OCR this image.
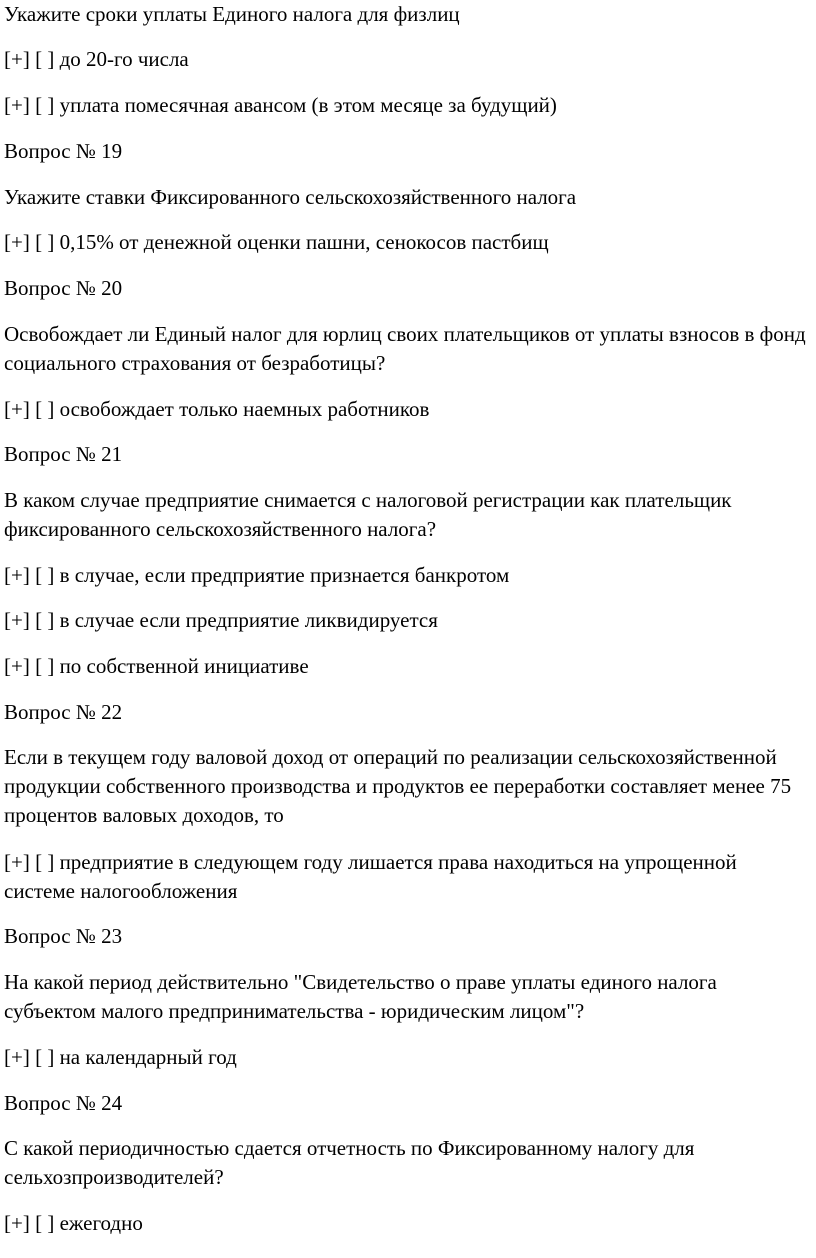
Укажите сроки уплаты Единого налога для физлиц

[+] [ ] до 20-го числа

[+] [ ] уплата помесячная авансом (в этом месяце за будущий)

Вопрос № 19

Укажите ставки Фиксированного сельскохозяйственного налога

[+] [ ] 0,15% от денежной оценки пашни, сенокосов пастбищ

Вопрос № 20

Освобождает ли Единый налог для юрлиц своих плательщиков от уплаты взносов в фонд социального страхования от безработицы?

[+] [ ] освобождает только наемных работников

Вопрос № 21

В каком случае предприятие снимается с налоговой регистрации как плательщик фиксированного сельскохозяйственного налога?

[+] [ ] в случае, если предприятие признается банкротом

[+] [ ] в случае если предприятие ликвидируется

[+] [ ] по собственной инициативе

Вопрос № 22

Если в текущем году валовой доход от операций по реализации сельскохозяйственной продукции собственного производства и продуктов ее переработки составляет менее 75 процентов валовых доходов, то

[+] [ ] предприятие в следующем году лишается права находиться на упрощенной системе налогообложения

Вопрос № 23

На какой период действительно "Свидетельство о праве уплаты единого налога субъектом малого предпринимательства - юридическим лицом"?

[+] [ ] на календарный год

Вопрос № 24

С какой периодичностью сдается отчетность по Фиксированному налогу для сельхозпроизводителей?

[+] [ ] ежегодно
